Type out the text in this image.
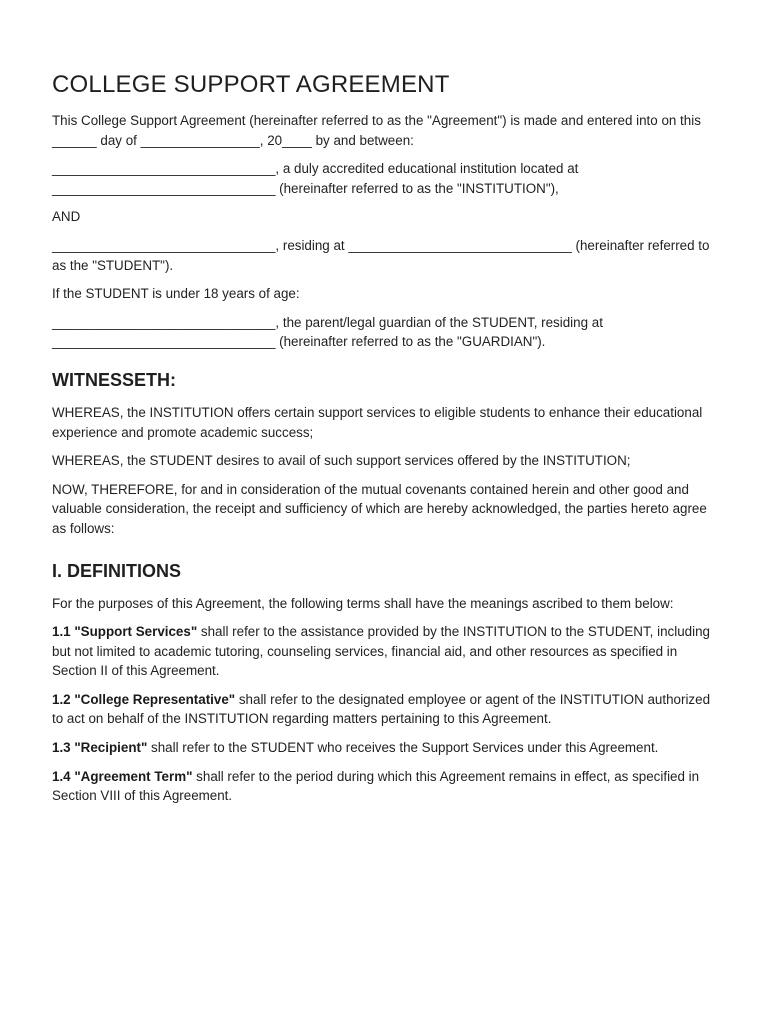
COLLEGE SUPPORT AGREEMENT

This College Support Agreement (hereinafter referred to as the "Agreement") is made and entered into on this ______ day of ________________, 20____ by and between:

______________________________, a duly accredited educational institution located at ______________________________ (hereinafter referred to as the "INSTITUTION"),

AND

______________________________, residing at ______________________________ (hereinafter referred to as the "STUDENT").

If the STUDENT is under 18 years of age:

______________________________, the parent/legal guardian of the STUDENT, residing at ______________________________ (hereinafter referred to as the "GUARDIAN").

WITNESSETH:

WHEREAS, the INSTITUTION offers certain support services to eligible students to enhance their educational experience and promote academic success;

WHEREAS, the STUDENT desires to avail of such support services offered by the INSTITUTION;

NOW, THEREFORE, for and in consideration of the mutual covenants contained herein and other good and valuable consideration, the receipt and sufficiency of which are hereby acknowledged, the parties hereto agree as follows:

I. DEFINITIONS

For the purposes of this Agreement, the following terms shall have the meanings ascribed to them below:

1.1 "Support Services" shall refer to the assistance provided by the INSTITUTION to the STUDENT, including but not limited to academic tutoring, counseling services, financial aid, and other resources as specified in Section II of this Agreement.

1.2 "College Representative" shall refer to the designated employee or agent of the INSTITUTION authorized to act on behalf of the INSTITUTION regarding matters pertaining to this Agreement.

1.3 "Recipient" shall refer to the STUDENT who receives the Support Services under this Agreement.

1.4 "Agreement Term" shall refer to the period during which this Agreement remains in effect, as specified in Section VIII of this Agreement.
